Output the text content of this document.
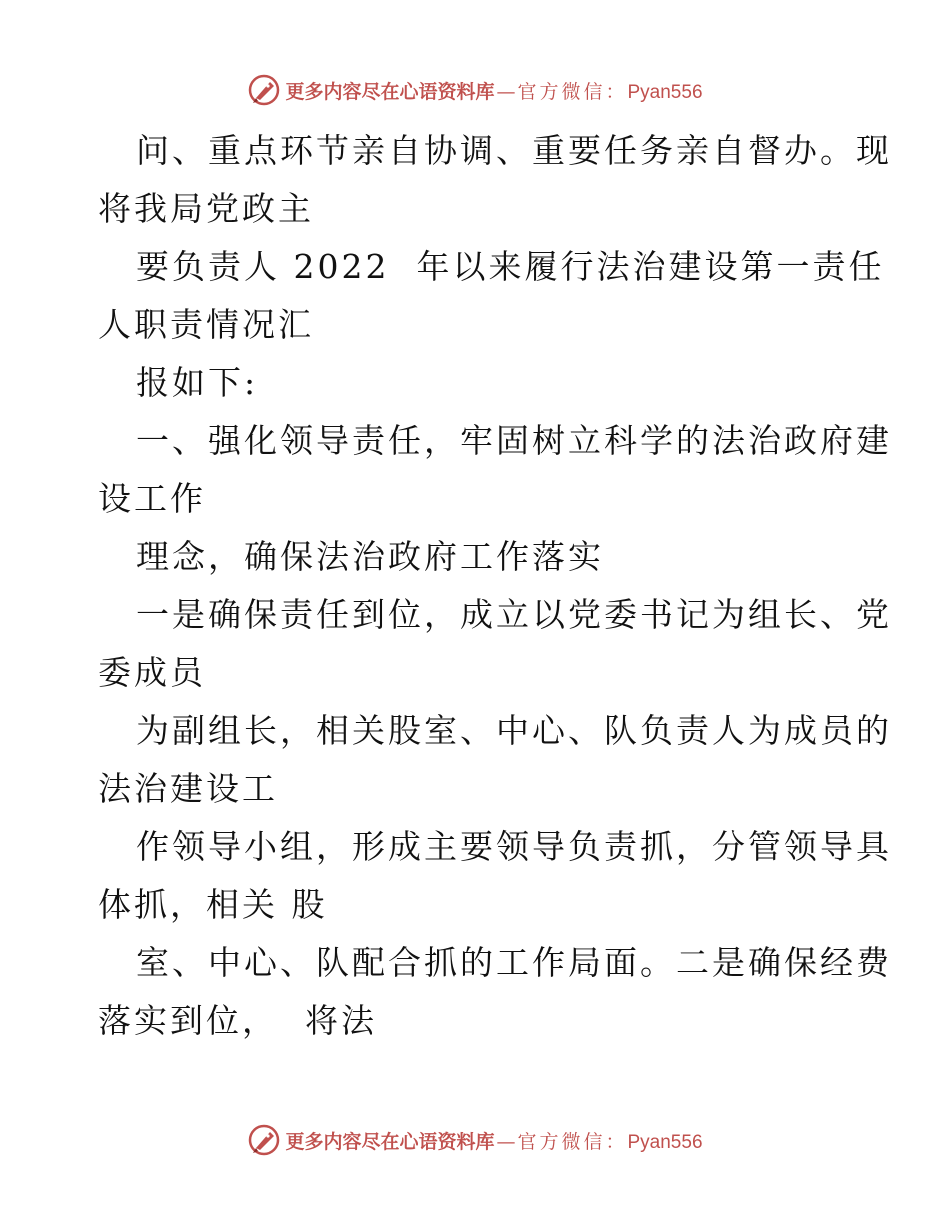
更多内容尽在心语资料库 — 官方微信： Pyan556
问、重点环节亲自协调、重要任务亲自督办。现
将我局党政主
要负责人 2022  年以来履行法治建设第一责任
人职责情况汇
报如下:
一、强化领导责任，牢固树立科学的法治政府建
设工作
理念，确保法治政府工作落实
一是确保责任到位，成立以党委书记为组长、党
委成员
为副组长，相关股室、中心、队负责人为成员的
法治建设工
作领导小组，形成主要领导负责抓，分管领导具
体抓，相关 股
室、中心、队配合抓的工作局面。二是确保经费
落实到位，  将法
更多内容尽在心语资料库 — 官方微信： Pyan556
